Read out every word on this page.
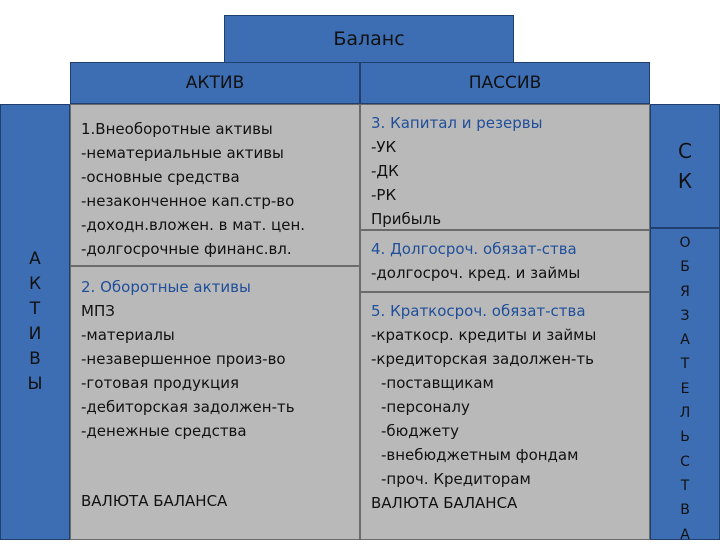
Баланс
АКТИВ	ПАССИВ
А
К
Т
И
В
Ы
1.Внеоборотные активы
-нематериальные активы
-основные средства
-незаконченное кап.стр-во
-доходн.вложен. в мат. цен.
-долгосрочные финанс.вл.
2. Оборотные активы
МПЗ
-материалы
-незавершенное произ-во
-готовая продукция
-дебиторская задолжен-ть
-денежные средства
ВАЛЮТА БАЛАНСА
3. Капитал и резервы
-УК
-ДК
-РК
Прибыль
4. Долгосроч. обязат-ства
-долгосроч. кред. и займы
5. Краткосроч. обязат-ства
-краткоср. кредиты и займы
-кредиторская задолжен-ть
-поставщикам
-персоналу
-бюджету
-внебюджетным фондам
-проч. Кредиторам
ВАЛЮТА БАЛАНСА
С
К
О
Б
Я
З
А
Т
Е
Л
Ь
С
Т
В
А
